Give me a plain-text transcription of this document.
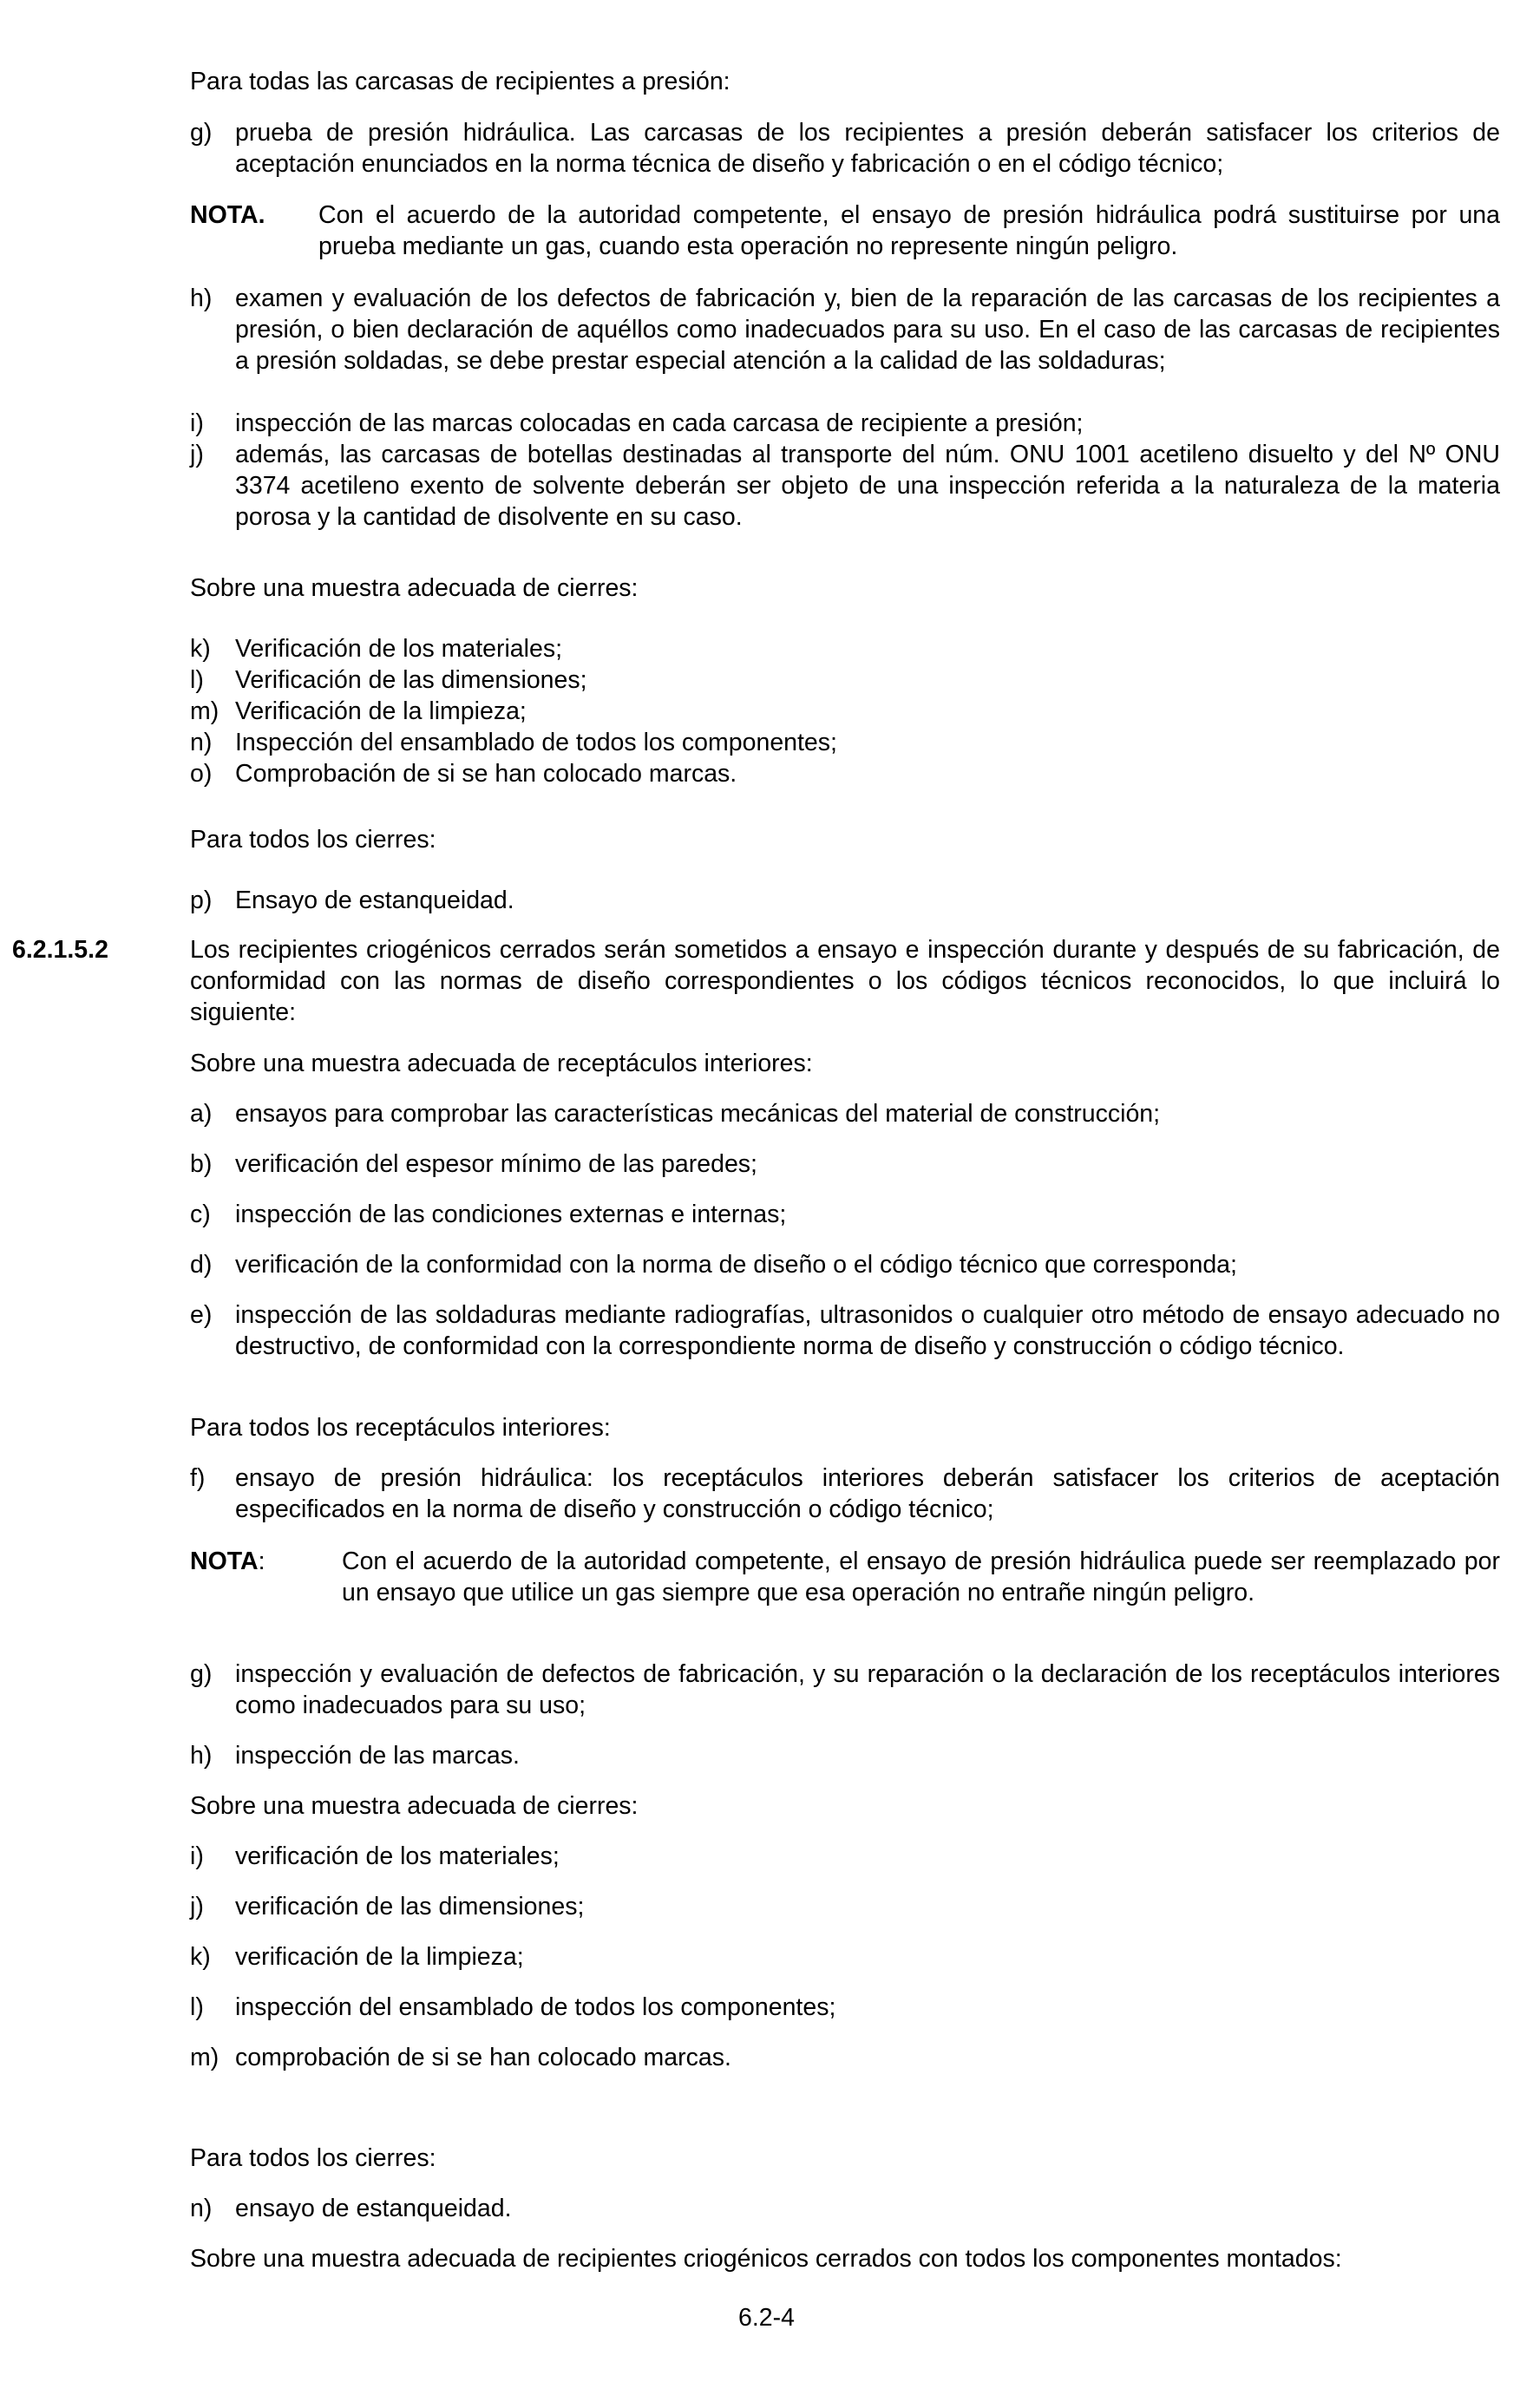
Para todas las carcasas de recipientes a presión:

g) prueba de presión hidráulica. Las carcasas de los recipientes a presión deberán satisfacer los criterios de aceptación enunciados en la norma técnica de diseño y fabricación o en el código técnico;
NOTA.	Con el acuerdo de la autoridad competente, el ensayo de presión hidráulica podrá sustituirse por una prueba mediante un gas, cuando esta operación no represente ningún peligro.
h) examen y evaluación de los defectos de fabricación y, bien de la reparación de las carcasas de los recipientes a presión, o bien declaración de aquéllos como inadecuados para su uso. En el caso de las carcasas de recipientes a presión soldadas, se debe prestar especial atención a la calidad de las soldaduras;
i)	inspección de las marcas colocadas en cada carcasa de recipiente a presión;
j)	además, las carcasas de botellas destinadas al transporte del núm. ONU 1001 acetileno disuelto y del Nº ONU 3374 acetileno exento de solvente deberán ser objeto de una inspección referida a la naturaleza de la materia porosa y la cantidad de disolvente en su caso.

Sobre una muestra adecuada de cierres:

k) Verificación de los materiales;
l)	Verificación de las dimensiones;
m) Verificación de la limpieza;
n) Inspección del ensamblado de todos los componentes;
o) Comprobación de si se han colocado marcas.

Para todos los cierres:

p) Ensayo de estanqueidad.
6.2.1.5.2	Los recipientes criogénicos cerrados serán sometidos a ensayo e inspección durante y después de su fabricación, de conformidad con las normas de diseño correspondientes o los códigos técnicos reconocidos, lo que incluirá lo siguiente:

Sobre una muestra adecuada de receptáculos interiores:

a) ensayos para comprobar las características mecánicas del material de construcción;
b) verificación del espesor mínimo de las paredes;
c) inspección de las condiciones externas e internas;
d) verificación de la conformidad con la norma de diseño o el código técnico que corresponda;
e) inspección de las soldaduras mediante radiografías, ultrasonidos o cualquier otro método de ensayo adecuado no destructivo, de conformidad con la correspondiente norma de diseño y construcción o código técnico.

Para todos los receptáculos interiores:

f)	ensayo de presión hidráulica: los receptáculos interiores deberán satisfacer los criterios de aceptación especificados en la norma de diseño y construcción o código técnico;
NOTA:	Con el acuerdo de la autoridad competente, el ensayo de presión hidráulica puede ser reemplazado por un ensayo que utilice un gas siempre que esa operación no entrañe ningún peligro.
g) inspección y evaluación de defectos de fabricación, y su reparación o la declaración de los receptáculos interiores como inadecuados para su uso;
h) inspección de las marcas.

Sobre una muestra adecuada de cierres:

i)	verificación de los materiales;
j)	verificación de las dimensiones;
k) verificación de la limpieza;
l)	inspección del ensamblado de todos los componentes;
m) comprobación de si se han colocado marcas.

Para todos los cierres:

n) ensayo de estanqueidad.

Sobre una muestra adecuada de recipientes criogénicos cerrados con todos los componentes montados:

6.2-4
